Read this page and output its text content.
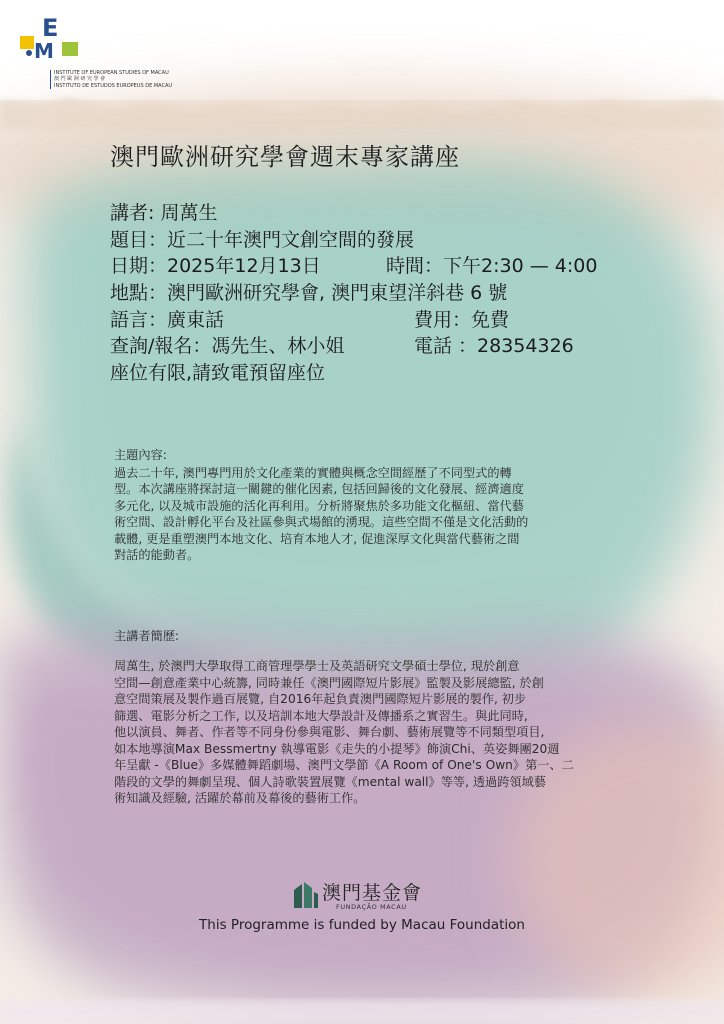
E
M
INSTITUTE OF EUROPEAN STUDIES OF MACAU
澳 門 歐 洲 研 究 學 會
INSTITUTO DE ESTUDOS EUROPEUS DE MACAU
澳門歐洲研究學會週末專家講座
講者: 周萬生
題目：近二十年澳門文創空間的發展
日期：2025年12月13日	時間：下午2:30 — 4:00
地點：澳門歐洲研究學會, 澳門東望洋斜巷 6 號
語言：廣東話	費用：免費
查詢/報名：馮先生、林小姐	電話 ：28354326
座位有限,請致電預留座位
主題內容:
過去二十年, 澳門專門用於文化產業的實體與概念空間經歷了不同型式的轉
型。本次講座將探討這一關鍵的催化因素, 包括回歸後的文化發展、經濟適度
多元化, 以及城市設施的活化再利用。分析將聚焦於多功能文化樞紐、當代藝
術空間、設計孵化平台及社區參與式場館的湧現。這些空間不僅是文化活動的
載體, 更是重塑澳門本地文化、培育本地人才, 促進深厚文化與當代藝術之間
對話的能動者。
主講者簡歷:
周萬生, 於澳門大學取得工商管理學學士及英語研究文學碩士學位, 現於創意
空間—創意產業中心統籌, 同時兼任《澳門國際短片影展》監製及影展總監, 於創
意空間策展及製作過百展覽, 自2016年起負責澳門國際短片影展的製作, 初步
篩選、電影分析之工作, 以及培訓本地大學設計及傳播系之實習生。與此同時,
他以演員、舞者、作者等不同身份參與電影、舞台劇、藝術展覽等不同類型項目,
如本地導演Max Bessmertny 執導電影《走失的小提琴》飾演Chi、英姿舞團20週
年呈獻 -《Blue》多媒體舞蹈劇場、澳門文學節《A Room of One's Own》第一、二
階段的文學的舞劇呈現、個人詩歌裝置展覽《mental wall》等等, 透過跨領域藝
術知識及經驗, 活躍於幕前及幕後的藝術工作。
澳門基金會
FUNDAÇÃO MACAU
This Programme is funded by Macau Foundation
